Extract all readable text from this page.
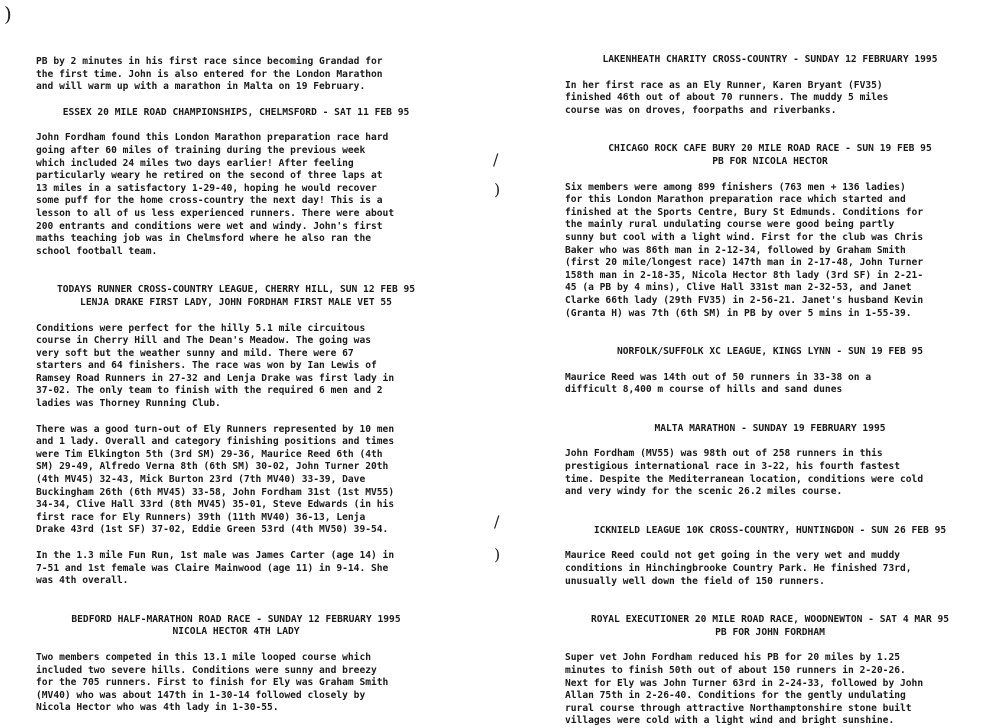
)
/
)
/
)

PB by 2 minutes in his first race since becoming Grandad for
the first time. John is also entered for the London Marathon
and will warm up with a marathon in Malta on 19 February.

ESSEX 20 MILE ROAD CHAMPIONSHIPS, CHELMSFORD - SAT 11 FEB 95

John Fordham found this London Marathon preparation race hard
going after 60 miles of training during the previous week
which included 24 miles two days earlier! After feeling
particularly weary he retired on the second of three laps at
13 miles in a satisfactory 1-29-40, hoping he would recover
some puff for the home cross-country the next day! This is a
lesson to all of us less experienced runners. There were about
200 entrants and conditions were wet and windy. John's first
maths teaching job was in Chelmsford where he also ran the
school football team.

TODAYS RUNNER CROSS-COUNTRY LEAGUE, CHERRY HILL, SUN 12 FEB 95
LENJA DRAKE FIRST LADY, JOHN FORDHAM FIRST MALE VET 55

Conditions were perfect for the hilly 5.1 mile circuitous
course in Cherry Hill and The Dean's Meadow. The going was
very soft but the weather sunny and mild. There were 67
starters and 64 finishers. The race was won by Ian Lewis of
Ramsey Road Runners in 27-32 and Lenja Drake was first lady in
37-02. The only team to finish with the required 6 men and 2
ladies was Thorney Running Club.

There was a good turn-out of Ely Runners represented by 10 men
and 1 lady. Overall and category finishing positions and times
were Tim Elkington 5th (3rd SM) 29-36, Maurice Reed 6th (4th
SM) 29-49, Alfredo Verna 8th (6th SM) 30-02, John Turner 20th
(4th MV45) 32-43, Mick Burton 23rd (7th MV40) 33-39, Dave
Buckingham 26th (6th MV45) 33-58, John Fordham 31st (1st MV55)
34-34, Clive Hall 33rd (8th MV45) 35-01, Steve Edwards (in his
first race for Ely Runners) 39th (11th MV40) 36-13, Lenja
Drake 43rd (1st SF) 37-02, Eddie Green 53rd (4th MV50) 39-54.

In the 1.3 mile Fun Run, 1st male was James Carter (age 14) in
7-51 and 1st female was Claire Mainwood (age 11) in 9-14. She
was 4th overall.

BEDFORD HALF-MARATHON ROAD RACE - SUNDAY 12 FEBRUARY 1995
NICOLA HECTOR 4TH LADY

Two members competed in this 13.1 mile looped course which
included two severe hills. Conditions were sunny and breezy
for the 705 runners. First to finish for Ely was Graham Smith
(MV40) who was about 147th in 1-30-14 followed closely by
Nicola Hector who was 4th lady in 1-30-55.

LAKENHEATH CHARITY CROSS-COUNTRY - SUNDAY 12 FEBRUARY 1995

In her first race as an Ely Runner, Karen Bryant (FV35)
finished 46th out of about 70 runners. The muddy 5 miles
course was on droves, foorpaths and riverbanks.

CHICAGO ROCK CAFE BURY 20 MILE ROAD RACE - SUN 19 FEB 95
PB FOR NICOLA HECTOR

Six members were among 899 finishers (763 men + 136 ladies)
for this London Marathon preparation race which started and
finished at the Sports Centre, Bury St Edmunds. Conditions for
the mainly rural undulating course were good being partly
sunny but cool with a light wind. First for the club was Chris
Baker who was 86th man in 2-12-34, followed by Graham Smith
(first 20 mile/longest race) 147th man in 2-17-48, John Turner
158th man in 2-18-35, Nicola Hector 8th lady (3rd SF) in 2-21-
45 (a PB by 4 mins), Clive Hall 331st man 2-32-53, and Janet
Clarke 66th lady (29th FV35) in 2-56-21. Janet's husband Kevin
(Granta H) was 7th (6th SM) in PB by over 5 mins in 1-55-39.

NORFOLK/SUFFOLK XC LEAGUE, KINGS LYNN - SUN 19 FEB 95

Maurice Reed was 14th out of 50 runners in 33-38 on a
difficult 8,400 m course of hills and sand dunes

MALTA MARATHON - SUNDAY 19 FEBRUARY 1995

John Fordham (MV55) was 98th out of 258 runners in this
prestigious international race in 3-22, his fourth fastest
time. Despite the Mediterranean location, conditions were cold
and very windy for the scenic 26.2 miles course.

ICKNIELD LEAGUE 10K CROSS-COUNTRY, HUNTINGDON - SUN 26 FEB 95

Maurice Reed could not get going in the very wet and muddy
conditions in Hinchingbrooke Country Park. He finished 73rd,
unusually well down the field of 150 runners.

ROYAL EXECUTIONER 20 MILE ROAD RACE, WOODNEWTON - SAT 4 MAR 95
PB FOR JOHN FORDHAM

Super vet John Fordham reduced his PB for 20 miles by 1.25
minutes to finish 50th out of about 150 runners in 2-20-26.
Next for Ely was John Turner 63rd in 2-24-33, followed by John
Allan 75th in 2-26-40. Conditions for the gently undulating
rural course through attractive Northamptonshire stone built
villages were cold with a light wind and bright sunshine.
